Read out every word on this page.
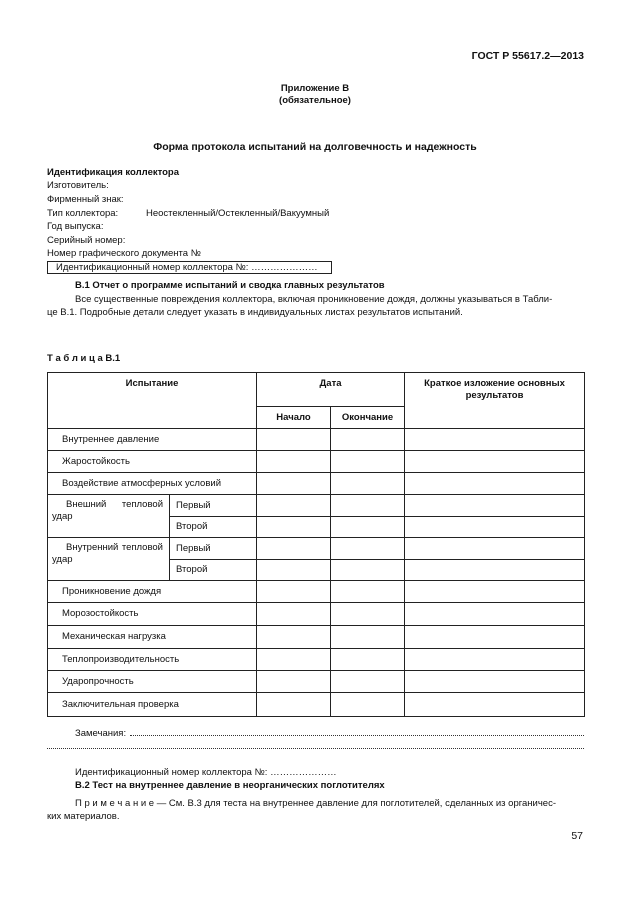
ГОСТ Р 55617.2—2013
Приложение В
(обязательное)
Форма протокола испытаний на долговечность и надежность
Идентификация коллектора
Изготовитель:
Фирменный знак:
Тип коллектора:	Неостекленный/Остекленный/Вакуумный
Год выпуска:
Серийный номер:
Номер графического документа №
Идентификационный номер коллектора №: …………………
В.1 Отчет о программе испытаний и сводка главных результатов
Все существенные повреждения коллектора, включая проникновение дождя, должны указываться в Табли-
це В.1. Подробные детали следует указать в индивидуальных листах результатов испытаний.
Т а б л и ц а В.1
Испытание		Дата		Краткое изложение основных результатов
		Начало	Окончание	
Внутреннее давление				
Жаростойкость				
Воздействие атмосферных условий				
Внешний тепловой удар	Первый			
	Второй			
Внутренний тепловой удар	Первый			
	Второй			
Проникновение дождя				
Морозостойкость				
Механическая нагрузка				
Теплопроизводительность				
Ударопрочность				
Заключительная проверка				
Замечания:
Идентификационный номер коллектора №: …………………
В.2 Тест на внутреннее давление в неорганических поглотителях
П р и м е ч а н и е — См. В.3 для теста на внутреннее давление для поглотителей, сделанных из органичес-
ких материалов.
57
